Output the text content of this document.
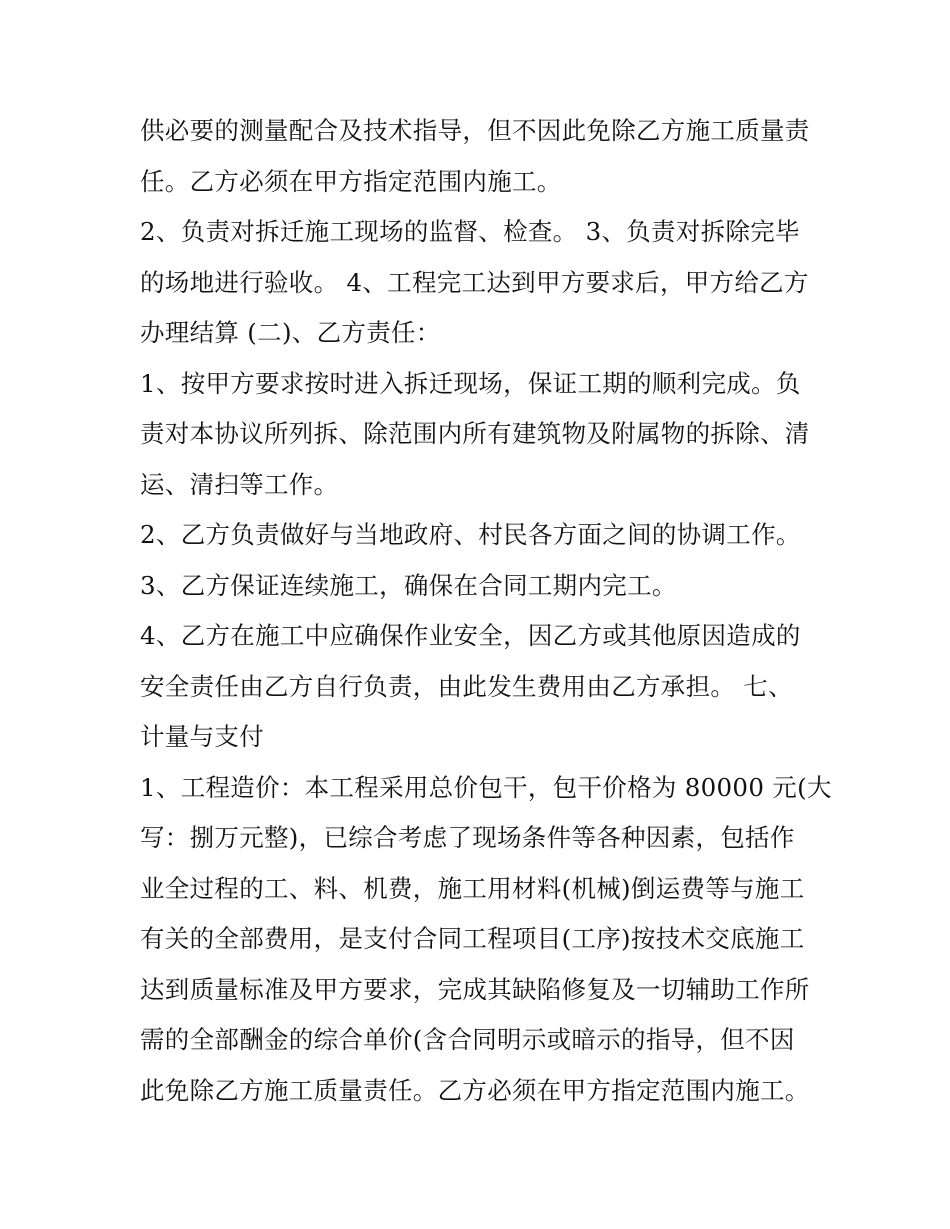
供必要的测量配合及技术指导，但不因此免除乙方施工质量责
任。乙方必须在甲方指定范围内施工。
2、负责对拆迁施工现场的监督、检查。 3、负责对拆除完毕
的场地进行验收。 4、工程完工达到甲方要求后，甲方给乙方
办理结算 (二)、乙方责任：
1、按甲方要求按时进入拆迁现场，保证工期的顺利完成。负
责对本协议所列拆、除范围内所有建筑物及附属物的拆除、清
运、清扫等工作。
2、乙方负责做好与当地政府、村民各方面之间的协调工作。
3、乙方保证连续施工，确保在合同工期内完工。
4、乙方在施工中应确保作业安全，因乙方或其他原因造成的
安全责任由乙方自行负责，由此发生费用由乙方承担。 七、
计量与支付
1、工程造价：本工程采用总价包干，包干价格为 80000 元(大
写：捌万元整)，已综合考虑了现场条件等各种因素，包括作
业全过程的工、料、机费，施工用材料(机械)倒运费等与施工
有关的全部费用，是支付合同工程项目(工序)按技术交底施工
达到质量标准及甲方要求，完成其缺陷修复及一切辅助工作所
需的全部酬金的综合单价(含合同明示或暗示的指导，但不因
此免除乙方施工质量责任。乙方必须在甲方指定范围内施工。
